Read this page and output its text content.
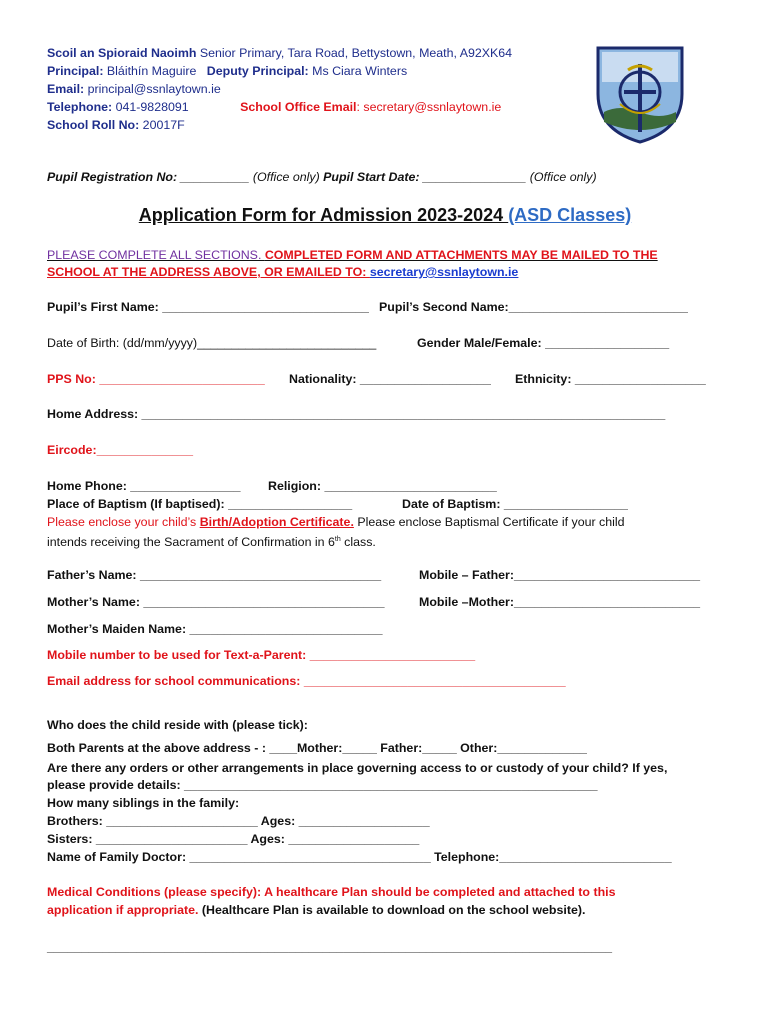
Scoil an Spioraid Naoimh Senior Primary, Tara Road, Bettystown, Meath, A92XK64
Principal: Bláithín Maguire Deputy Principal: Ms Ciara Winters
Email: principal@ssnlaytown.ie
Telephone: 041-9828091	School Office Email: secretary@ssnlaytown.ie
School Roll No: 20017F
Pupil Registration No: __________ (Office only) Pupil Start Date: _______________ (Office only)
Application Form for Admission 2023-2024 (ASD Classes)
PLEASE COMPLETE ALL SECTIONS. COMPLETED FORM AND ATTACHMENTS MAY BE MAILED TO THE
SCHOOL AT THE ADDRESS ABOVE, OR EMAILED TO: secretary@ssnlaytown.ie
Pupil’s First Name: ______________________________ Pupil’s Second Name:__________________________
Date of Birth: (dd/mm/yyyy)__________________________	Gender Male/Female: __________________
PPS No: ________________________ Nationality: ___________________ Ethnicity: ___________________
Home Address: ____________________________________________________________________________
Eircode:______________
Home Phone: ________________ Religion: _________________________
Place of Baptism (If baptised): __________________	Date of Baptism: __________________
Please enclose your child’s Birth/Adoption Certificate. Please enclose Baptismal Certificate if your child
intends receiving the Sacrament of Confirmation in 6th class.
Father’s Name: ___________________________________	Mobile – Father:___________________________
Mother’s Name: ___________________________________	Mobile –Mother:___________________________
Mother’s Maiden Name: ____________________________
Mobile number to be used for Text-a-Parent: ________________________
Email address for school communications: ______________________________________
Who does the child reside with (please tick):
Both Parents at the above address - : ____Mother:_____ Father:_____ Other:_____________
Are there any orders or other arrangements in place governing access to or custody of your child? If yes,
please provide details: ____________________________________________________________
How many siblings in the family:
Brothers: ______________________ Ages: ___________________
Sisters: ______________________ Ages: ___________________
Name of Family Doctor: ___________________________________ Telephone:_________________________
Medical Conditions (please specify): A healthcare Plan should be completed and attached to this
application if appropriate. (Healthcare Plan is available to download on the school website).
__________________________________________________________________________________
